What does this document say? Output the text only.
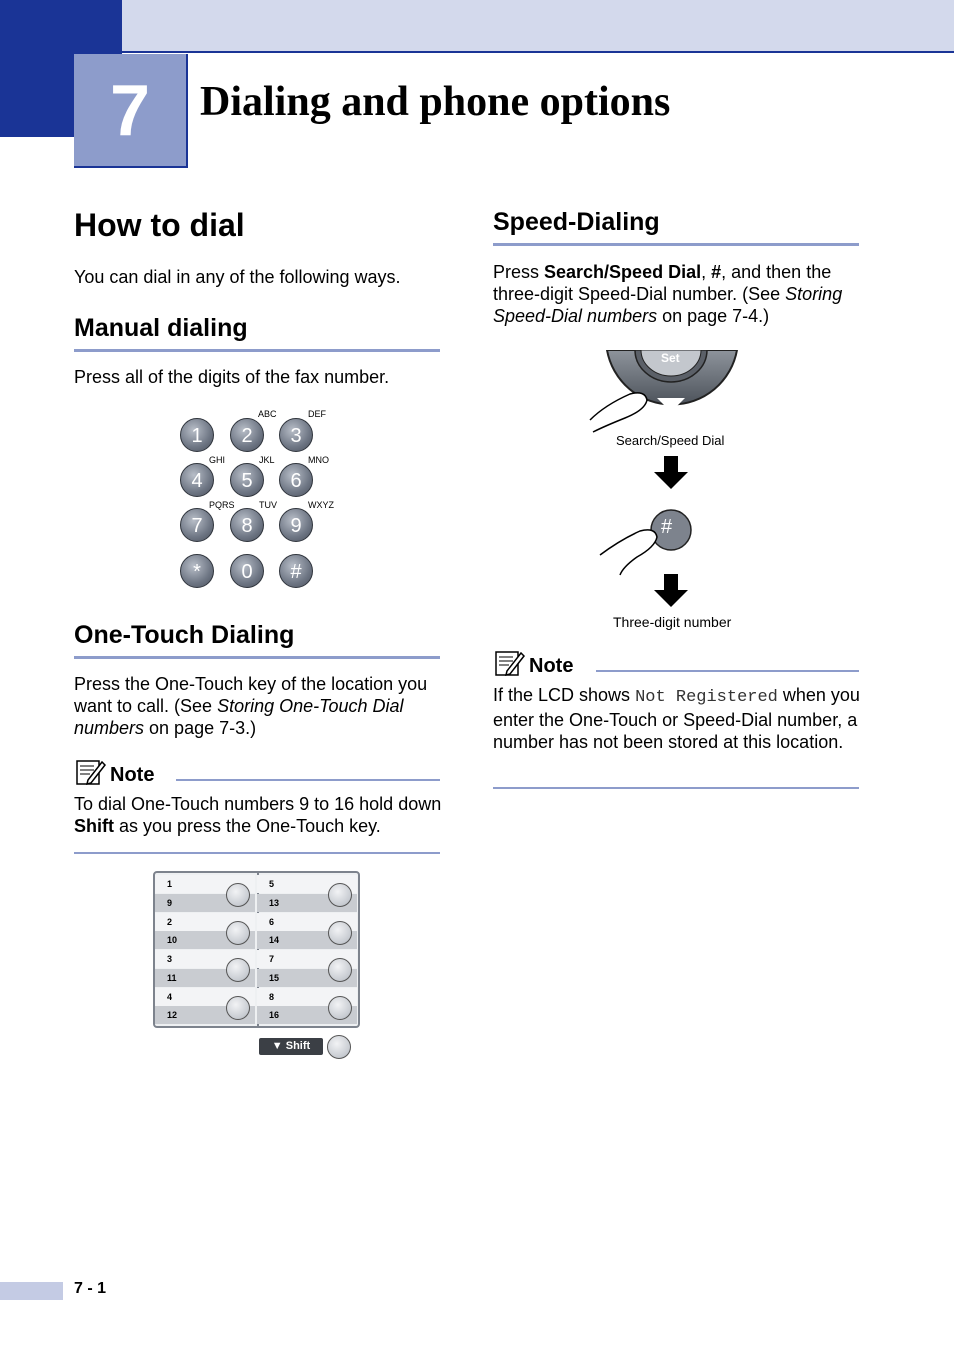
7	Dialing and phone options
How to dial
You can dial in any of the following ways.
Manual dialing
Press all of the digits of the fax number.
ABC	DEF
1	2	3
GHI	JKL	MNO
4	5	6
PQRS	TUV	WXYZ
7	8	9
*	0	#
One-Touch Dialing
Press the One-Touch key of the location you want to call. (See Storing One-Touch Dial numbers on page 7-3.)
Note
To dial One-Touch numbers 9 to 16 hold down Shift as you press the One-Touch key.
1
9
2
10
3
11
4
12
5
13
6
14
7
15
8
16
▼ Shift
Speed-Dialing
Press Search/Speed Dial, #, and then the three-digit Speed-Dial number. (See Storing Speed-Dial numbers on page 7-4.)
Set
Search/Speed Dial
#
Three-digit number
Note
If the LCD shows Not Registered when you enter the One-Touch or Speed-Dial number, a number has not been stored at this location.
7 - 1
